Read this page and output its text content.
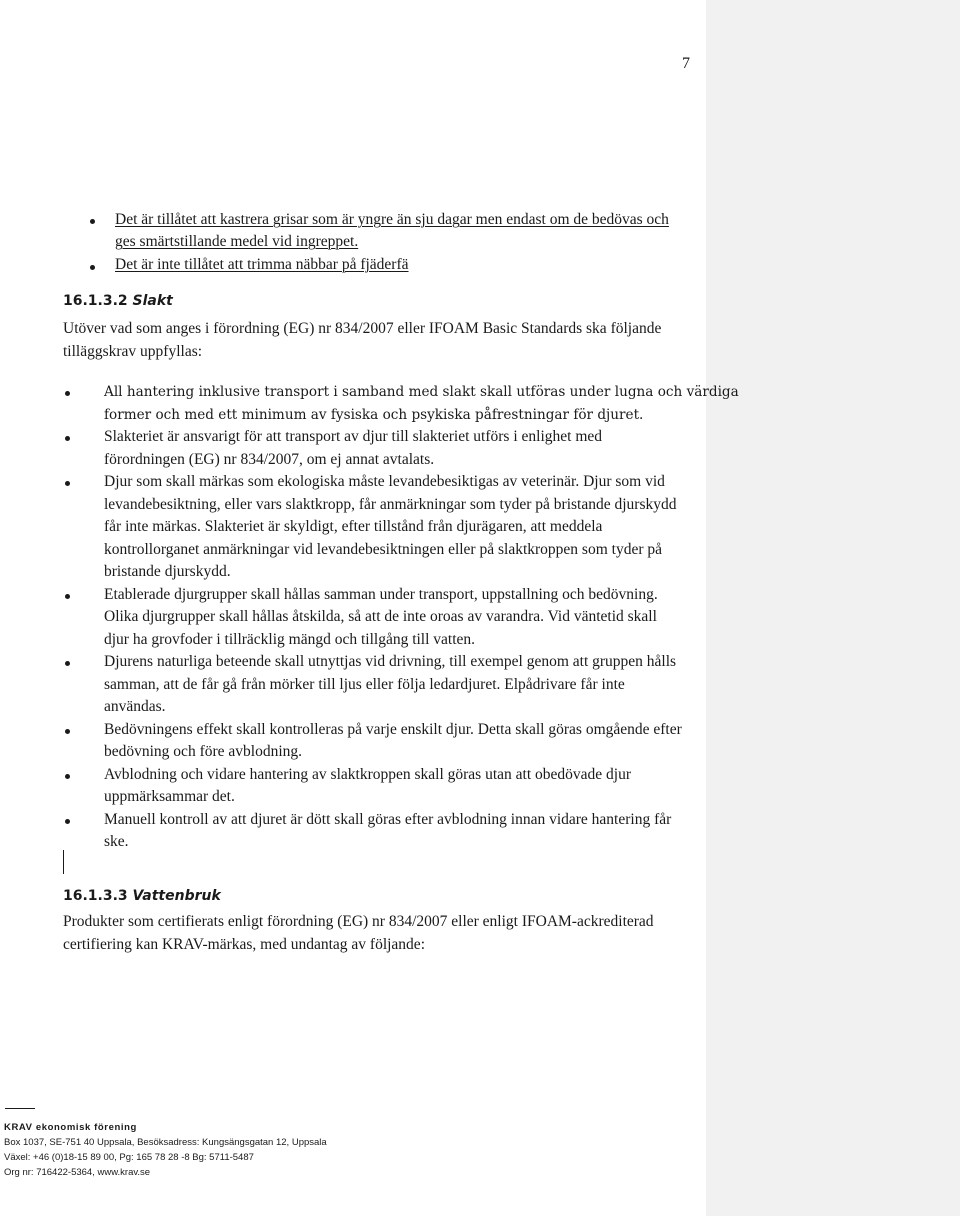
7
Det är tillåtet att kastrera grisar som är yngre än sju dagar men endast om de bedövas och
ges smärtstillande medel vid ingreppet.
Det är inte tillåtet att trimma näbbar på fjäderfä
16.1.3.2 Slakt
Utöver vad som anges i förordning (EG) nr 834/2007 eller IFOAM Basic Standards ska följande
tilläggskrav uppfyllas:
All hantering inklusive transport i samband med slakt skall utföras under lugna och värdiga
former och med ett minimum av fysiska och psykiska påfrestningar för djuret.
Slakteriet är ansvarigt för att transport av djur till slakteriet utförs i enlighet med
förordningen (EG) nr 834/2007, om ej annat avtalats.
Djur som skall märkas som ekologiska måste levandebesiktigas av veterinär. Djur som vid
levandebesiktning, eller vars slaktkropp, får anmärkningar som tyder på bristande djurskydd
får inte märkas. Slakteriet är skyldigt, efter tillstånd från djurägaren, att meddela
kontrollorganet anmärkningar vid levandebesiktningen eller på slaktkroppen som tyder på
bristande djurskydd.
Etablerade djurgrupper skall hållas samman under transport, uppstallning och bedövning.
Olika djurgrupper skall hållas åtskilda, så att de inte oroas av varandra. Vid väntetid skall
djur ha grovfoder i tillräcklig mängd och tillgång till vatten.
Djurens naturliga beteende skall utnyttjas vid drivning, till exempel genom att gruppen hålls
samman, att de får gå från mörker till ljus eller följa ledardjuret. Elpådrivare får inte
användas.
Bedövningens effekt skall kontrolleras på varje enskilt djur. Detta skall göras omgående efter
bedövning och före avblodning.
Avblodning och vidare hantering av slaktkroppen skall göras utan att obedövade djur
uppmärksammar det.
Manuell kontroll av att djuret är dött skall göras efter avblodning innan vidare hantering får
ske.
16.1.3.3 Vattenbruk
Produkter som certifierats enligt förordning (EG) nr 834/2007 eller enligt IFOAM-ackrediterad
certifiering kan KRAV-märkas, med undantag av följande:
KRAV ekonomisk förening
Box 1037, SE-751 40 Uppsala, Besöksadress: Kungsängsgatan 12, Uppsala
Växel: +46 (0)18-15 89 00, Pg: 165 78 28 -8 Bg: 5711-5487
Org nr: 716422-5364, www.krav.se
